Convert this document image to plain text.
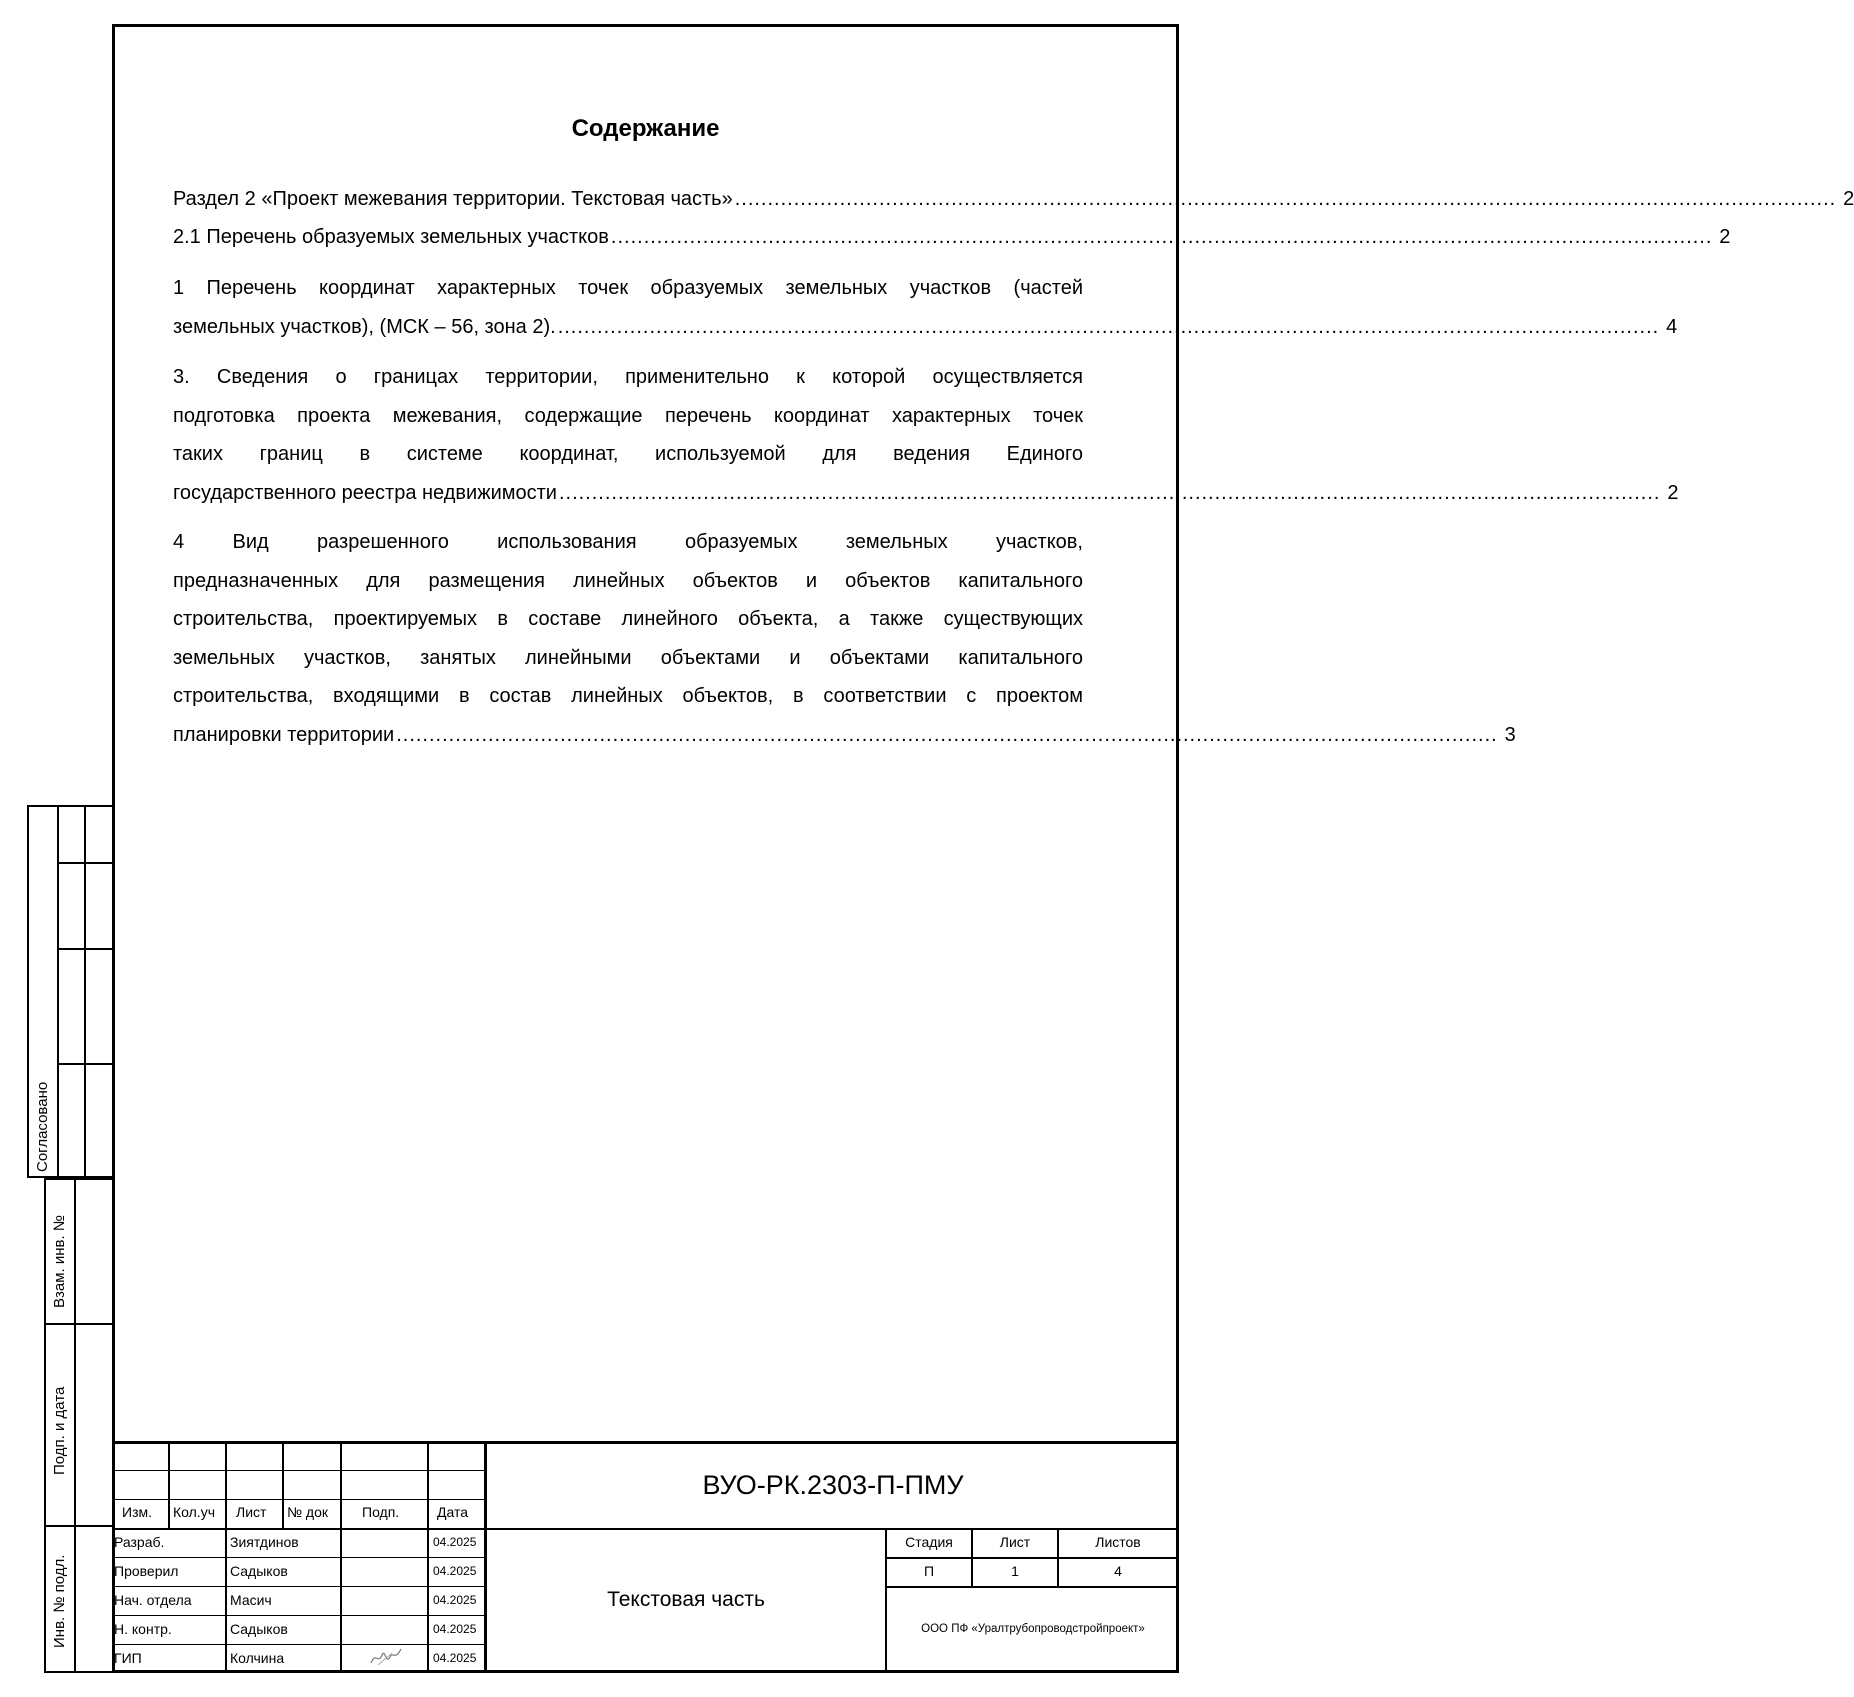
Содержание
Раздел 2 «Проект межевания территории. Текстовая часть» ........................................................................................................................................................................ 2
2.1 Перечень образуемых земельных участков ........................................................................................................................................................................ 2
1 Перечень координат характерных точек образуемых земельных участков (частей
земельных участков), (МСК – 56, зона 2). ........................................................................................................................................................................ 4
3. Сведения о границах территории, применительно к которой осуществляется
подготовка проекта межевания, содержащие перечень координат характерных точек
таких границ в системе координат, используемой для ведения Единого
государственного реестра недвижимости ........................................................................................................................................................................ 2
4 Вид разрешенного использования образуемых земельных участков,
предназначенных для размещения линейных объектов и объектов капитального
строительства, проектируемых в составе линейного объекта, а также существующих
земельных участков, занятых линейными объектами и объектами капитального
строительства, входящими в состав линейных объектов, в соответствии с проектом
планировки территории ........................................................................................................................................................................ 3
Согласовано
Взам. инв. №
Подп. и дата
Инв. № подл.
Изм. Кол.уч Лист № док Подп.	Дата
Разраб.	Зиятдинов	04.2025
Проверил	Садыков	04.2025
Нач. отдела	Масич	04.2025
Н. контр.	Садыков	04.2025
ГИП	Колчина	04.2025
ВУО-РК.2303-П-ПМУ
Текстовая часть
Стадия	Лист	Листов
П	1	4
ООО ПФ «Уралтрубопроводстройпроект»
